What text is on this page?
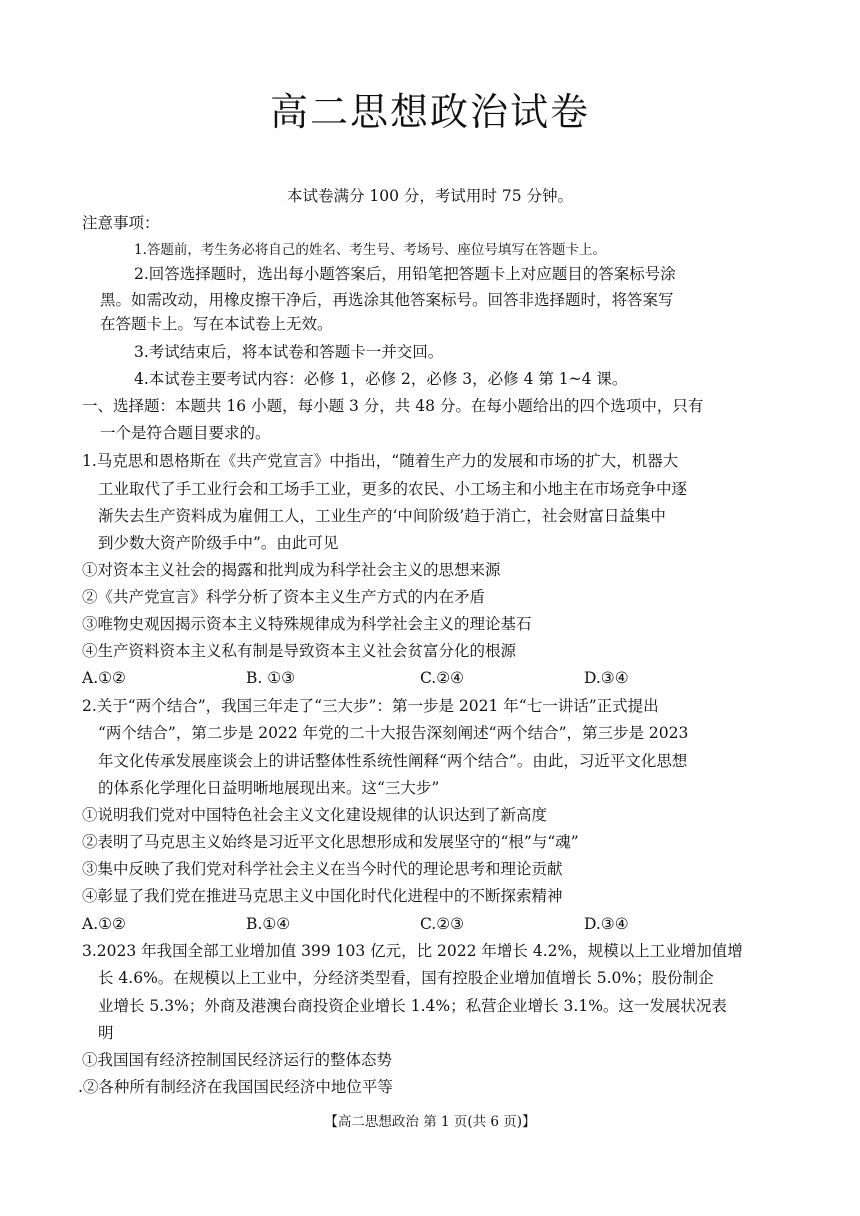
高二思想政治试卷
本试卷满分 100 分，考试用时 75 分钟。
注意事项：
1.答题前，考生务必将自己的姓名、考生号、考场号、座位号填写在答题卡上。
2.回答选择题时，选出每小题答案后，用铅笔把答题卡上对应题目的答案标号涂
黑。如需改动，用橡皮擦干净后，再选涂其他答案标号。回答非选择题时，将答案写
在答题卡上。写在本试卷上无效。
3.考试结束后，将本试卷和答题卡一并交回。
4.本试卷主要考试内容：必修 1，必修 2，必修 3，必修 4 第 1~4 课。
一、选择题：本题共 16 小题，每小题 3 分，共 48 分。在每小题给出的四个选项中，只有
一个是符合题目要求的。
1.马克思和恩格斯在《共产党宣言》中指出，“随着生产力的发展和市场的扩大，机器大
工业取代了手工业行会和工场手工业，更多的农民、小工场主和小地主在市场竞争中逐
渐失去生产资料成为雇佣工人，工业生产的‘中间阶级’趋于消亡，社会财富日益集中
到少数大资产阶级手中”。由此可见
①对资本主义社会的揭露和批判成为科学社会主义的思想来源
②《共产党宣言》科学分析了资本主义生产方式的内在矛盾
③唯物史观因揭示资本主义特殊规律成为科学社会主义的理论基石
④生产资料资本主义私有制是导致资本主义社会贫富分化的根源
A.①②	B. ①③	C.②④	D.③④
2.关于“两个结合”，我国三年走了“三大步”：第一步是 2021 年“七一讲话”正式提出
“两个结合”，第二步是 2022 年党的二十大报告深刻阐述“两个结合”，第三步是 2023
年文化传承发展座谈会上的讲话整体性系统性阐释“两个结合”。由此，习近平文化思想
的体系化学理化日益明晰地展现出来。这“三大步”
①说明我们党对中国特色社会主义文化建设规律的认识达到了新高度
②表明了马克思主义始终是习近平文化思想形成和发展坚守的“根”与“魂”
③集中反映了我们党对科学社会主义在当今时代的理论思考和理论贡献
④彰显了我们党在推进马克思主义中国化时代化进程中的不断探索精神
A.①②	B.①④	C.②③	D.③④
3.2023 年我国全部工业增加值 399 103 亿元，比 2022 年增长 4.2%，规模以上工业增加值增
长 4.6%。在规模以上工业中，分经济类型看，国有控股企业增加值增长 5.0%；股份制企
业增长 5.3%；外商及港澳台商投资企业增长 1.4%；私营企业增长 3.1%。这一发展状况表
明
①我国国有经济控制国民经济运行的整体态势
.②各种所有制经济在我国国民经济中地位平等
【高二思想政治 第 1 页(共 6 页)】
